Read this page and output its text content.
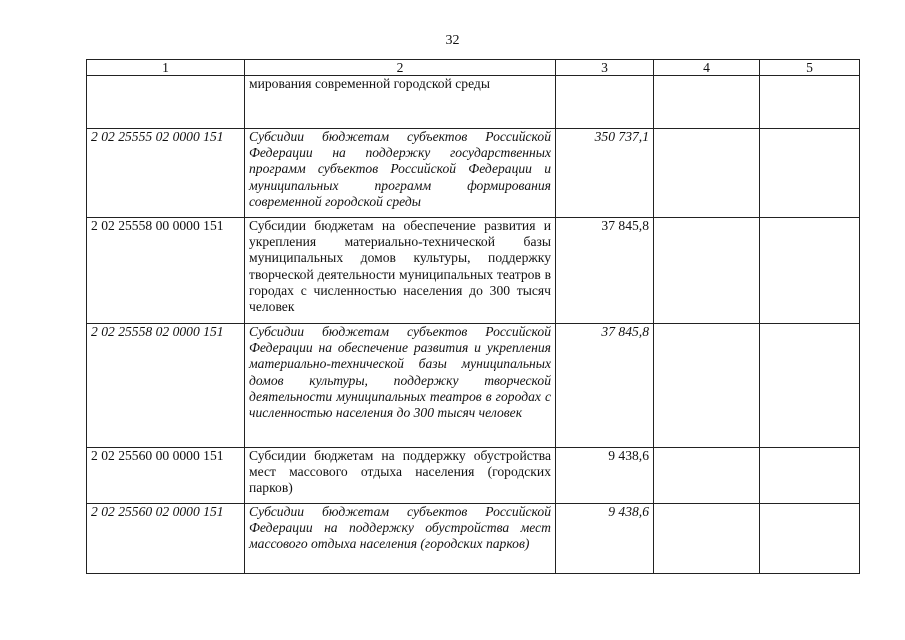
32
1	2	3	4	5
	мирования современной городской среды			
2 02 25555 02 0000 151	Субсидии бюджетам субъектов Российской Федерации на поддержку государственных программ субъектов Российской Федерации и муниципальных программ формирования современной городской среды	350 737,1		
2 02 25558 00 0000 151	Субсидии бюджетам на обеспечение развития и укрепления материально-технической базы муниципальных домов культуры, поддержку творческой деятельности муниципальных театров в городах с численностью населения до 300 тысяч человек	37 845,8		
2 02 25558 02 0000 151	Субсидии бюджетам субъектов Российской Федерации на обеспечение развития и укрепления материально-технической базы муниципальных домов культуры, поддержку творческой деятельности муниципальных театров в городах с численностью населения до 300 тысяч человек	37 845,8		
2 02 25560 00 0000 151	Субсидии бюджетам на поддержку обустройства мест массового отдыха населения (городских парков)	9 438,6		
2 02 25560 02 0000 151	Субсидии бюджетам субъектов Российской Федерации на поддержку обустройства мест массового отдыха населения (городских парков)	9 438,6		
